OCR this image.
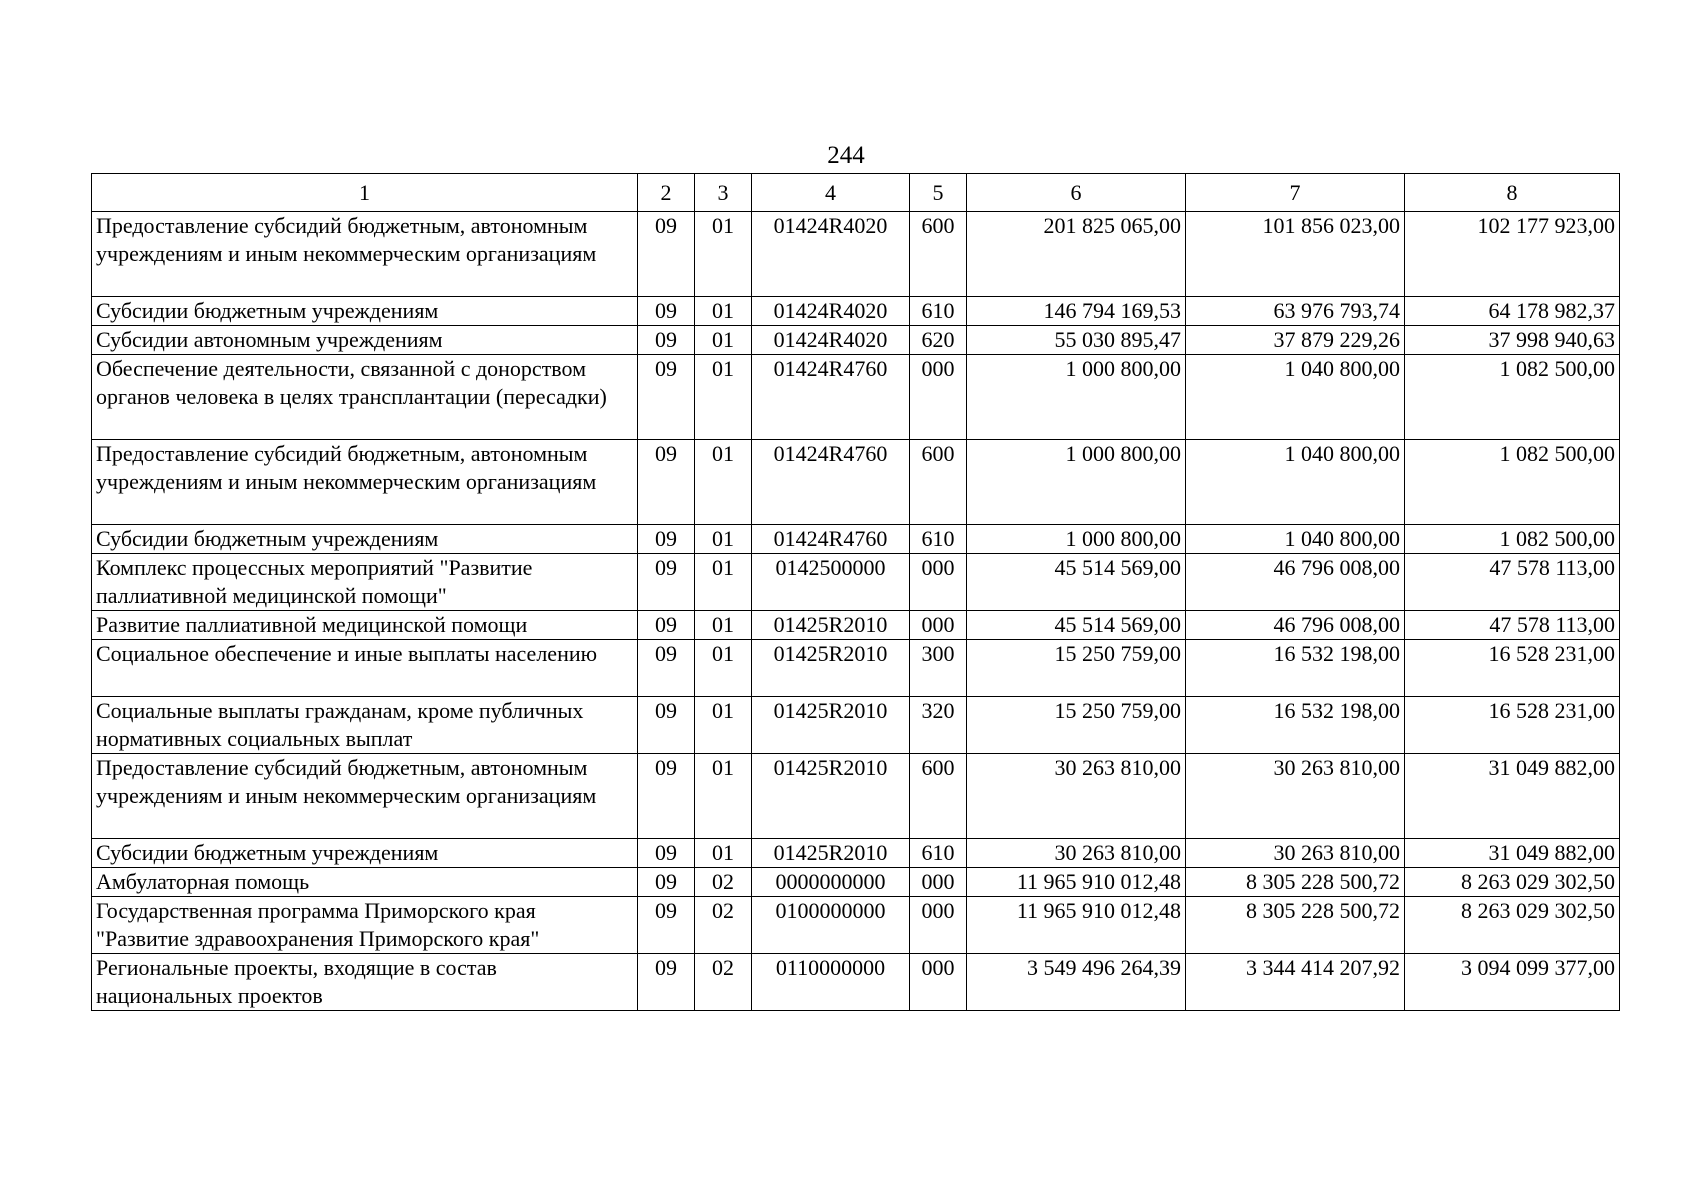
244
1	2	3	4	5	6	7	8
Предоставление субсидий бюджетным, автономным учреждениям и иным некоммерческим организациям	09	01	01424R4020	600	201 825 065,00	101 856 023,00	102 177 923,00
Субсидии бюджетным учреждениям	09	01	01424R4020	610	146 794 169,53	63 976 793,74	64 178 982,37
Субсидии автономным учреждениям	09	01	01424R4020	620	55 030 895,47	37 879 229,26	37 998 940,63
Обеспечение деятельности, связанной с донорством органов человека в целях трансплантации (пересадки)	09	01	01424R4760	000	1 000 800,00	1 040 800,00	1 082 500,00
Предоставление субсидий бюджетным, автономным учреждениям и иным некоммерческим организациям	09	01	01424R4760	600	1 000 800,00	1 040 800,00	1 082 500,00
Субсидии бюджетным учреждениям	09	01	01424R4760	610	1 000 800,00	1 040 800,00	1 082 500,00
Комплекс процессных мероприятий "Развитие паллиативной медицинской помощи"	09	01	0142500000	000	45 514 569,00	46 796 008,00	47 578 113,00
Развитие паллиативной медицинской помощи	09	01	01425R2010	000	45 514 569,00	46 796 008,00	47 578 113,00
Социальное обеспечение и иные выплаты населению	09	01	01425R2010	300	15 250 759,00	16 532 198,00	16 528 231,00
Социальные выплаты гражданам, кроме публичных нормативных социальных выплат	09	01	01425R2010	320	15 250 759,00	16 532 198,00	16 528 231,00
Предоставление субсидий бюджетным, автономным учреждениям и иным некоммерческим организациям	09	01	01425R2010	600	30 263 810,00	30 263 810,00	31 049 882,00
Субсидии бюджетным учреждениям	09	01	01425R2010	610	30 263 810,00	30 263 810,00	31 049 882,00
Амбулаторная помощь	09	02	0000000000	000	11 965 910 012,48	8 305 228 500,72	8 263 029 302,50
Государственная программа Приморского края "Развитие здравоохранения Приморского края"	09	02	0100000000	000	11 965 910 012,48	8 305 228 500,72	8 263 029 302,50
Региональные проекты, входящие в состав национальных проектов	09	02	0110000000	000	3 549 496 264,39	3 344 414 207,92	3 094 099 377,00
